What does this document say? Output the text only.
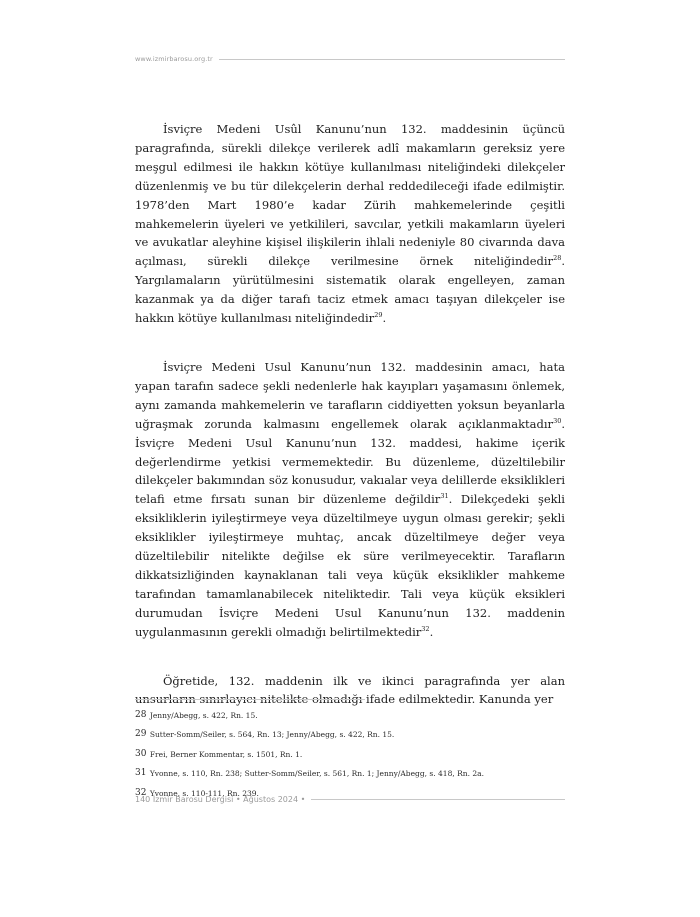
www.izmirbarosu.org.tr

İsviçre Medeni Usûl Kanunu’nun 132. maddesinin üçüncü paragrafında, sürekli dilekçe verilerek adlî makamların gereksiz yere meşgul edilmesi ile hakkın kötüye kullanılması niteliğindeki dilekçeler düzenlenmiş ve bu tür dilekçelerin derhal reddedileceği ifade edilmiştir. 1978’den Mart 1980’e kadar Zürih mahkemelerinde çeşitli mahkemelerin üyeleri ve yetkilileri, savcılar, yetkili makamların üyeleri ve avukatlar aleyhine kişisel ilişkilerin ihlali nedeniyle 80 civarında dava açılması, sürekli dilekçe verilmesine örnek niteliğindedir$^{28}$. Yargılamaların yürütülmesini sistematik olarak engelleyen, zaman kazanmak ya da diğer tarafı taciz etmek amacı taşıyan dilekçeler ise hakkın kötüye kullanılması niteliğindedir$^{29}$.

İsviçre Medeni Usul Kanunu’nun 132. maddesinin amacı, hata yapan tarafın sadece şekli nedenlerle hak kayıpları yaşamasını önlemek, aynı zamanda mahkemelerin ve tarafların ciddiyetten yoksun beyanlarla uğraşmak zorunda kalmasını engellemek olarak açıklanmaktadır$^{30}$. İsviçre Medeni Usul Kanunu’nun 132. maddesi, hakime içerik değerlendirme yetkisi vermemektedir. Bu düzenleme, düzeltilebilir dilekçeler bakımından söz konusudur, vakıalar veya delillerde eksiklikleri telafi etme fırsatı sunan bir düzenleme değildir$^{31}$. Dilekçedeki şekli eksikliklerin iyileştirmeye veya düzeltilmeye uygun olması gerekir; şekli eksiklikler iyileştirmeye muhtaç, ancak düzeltilmeye değer veya düzeltilebilir nitelikte değilse ek süre verilmeyecektir. Tarafların dikkatsizliğinden kaynaklanan tali veya küçük eksiklikler mahkeme tarafından tamamlanabilecek niteliktedir. Tali veya küçük eksikleri durumudan İsviçre Medeni Usul Kanunu’nun 132. maddenin uygulanmasının gerekli olmadığı belirtilmektedir$^{32}$.

Öğretide, 132. maddenin ilk ve ikinci paragrafında yer alan unsurların sınırlayıcı nitelikte olmadığı ifade edilmektedir. Kanunda yer

28 Jenny/Abegg, s. 422, Rn. 15.
29 Sutter-Somm/Seiler, s. 564, Rn. 13; Jenny/Abegg, s. 422, Rn. 15.
30 Frei, Berner Kommentar, s. 1501, Rn. 1.
31 Yvonne, s. 110, Rn. 238; Sutter-Somm/Seiler, s. 561, Rn. 1; Jenny/Abegg, s. 418, Rn. 2a.
32 Yvonne, s. 110-111, Rn. 239.
140 İzmir Barosu Dergisi • Ağustos 2024 •
